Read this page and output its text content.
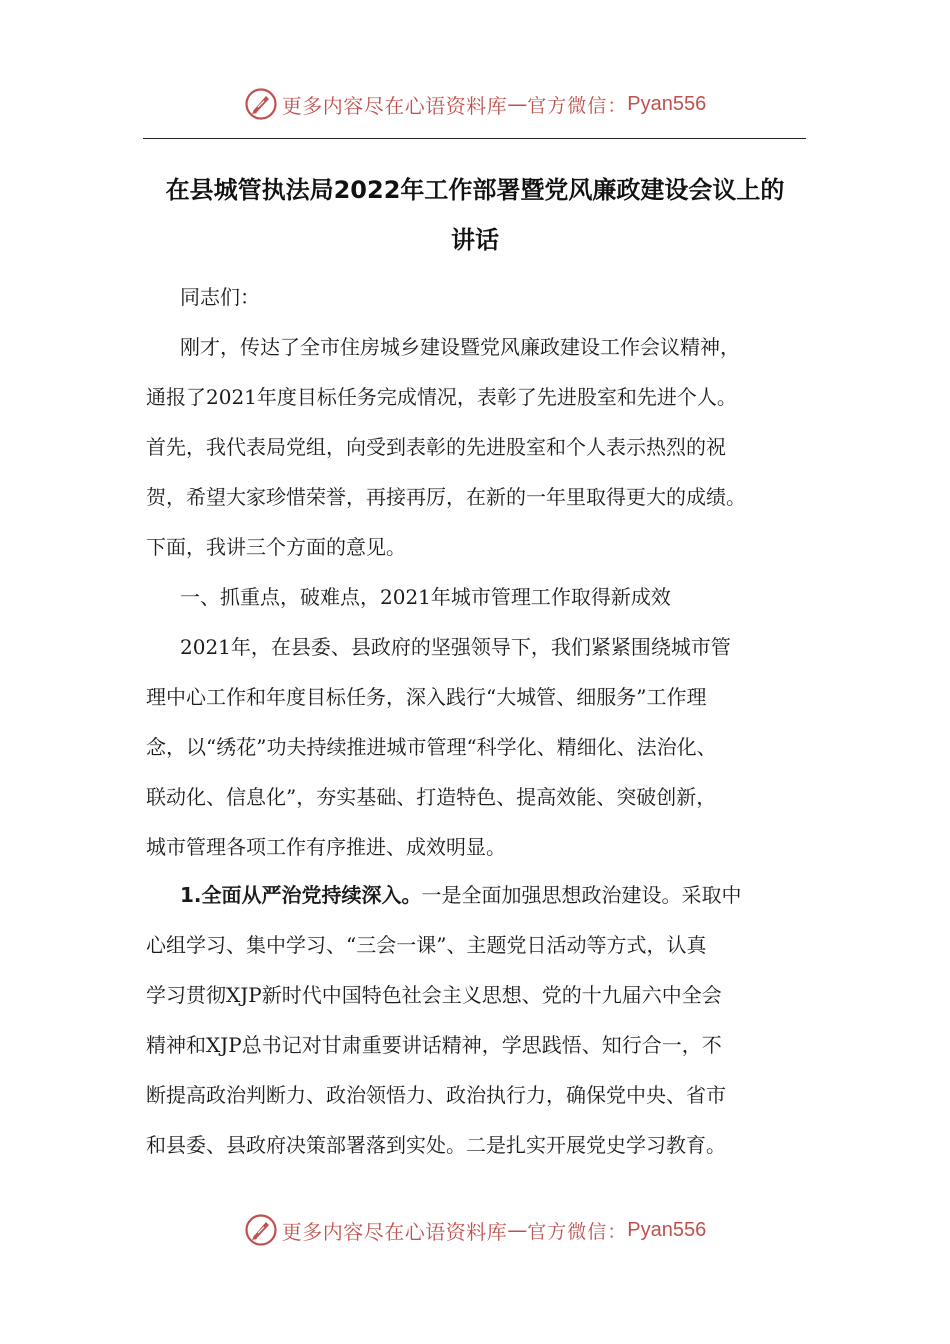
更多内容尽在心语资料库 — 官方微信： Pyan556
在县城管执法局2022年工作部署暨党风廉政建设会议上的
讲话
同志们：
刚才，传达了全市住房城乡建设暨党风廉政建设工作会议精神，
通报了2021年度目标任务完成情况，表彰了先进股室和先进个人。
首先，我代表局党组，向受到表彰的先进股室和个人表示热烈的祝
贺，希望大家珍惜荣誉，再接再厉，在新的一年里取得更大的成绩。
下面，我讲三个方面的意见。
一、抓重点，破难点，2021年城市管理工作取得新成效
2021年，在县委、县政府的坚强领导下，我们紧紧围绕城市管
理中心工作和年度目标任务，深入践行“大城管、细服务”工作理
念，以“绣花”功夫持续推进城市管理“科学化、精细化、法治化、
联动化、信息化”，夯实基础、打造特色、提高效能、突破创新，
城市管理各项工作有序推进、成效明显。
1.全面从严治党持续深入。一是全面加强思想政治建设。采取中
心组学习、集中学习、“三会一课”、主题党日活动等方式，认真
学习贯彻XJP新时代中国特色社会主义思想、党的十九届六中全会
精神和XJP总书记对甘肃重要讲话精神，学思践悟、知行合一，不
断提高政治判断力、政治领悟力、政治执行力，确保党中央、省市
和县委、县政府决策部署落到实处。二是扎实开展党史学习教育。
更多内容尽在心语资料库 — 官方微信： Pyan556
